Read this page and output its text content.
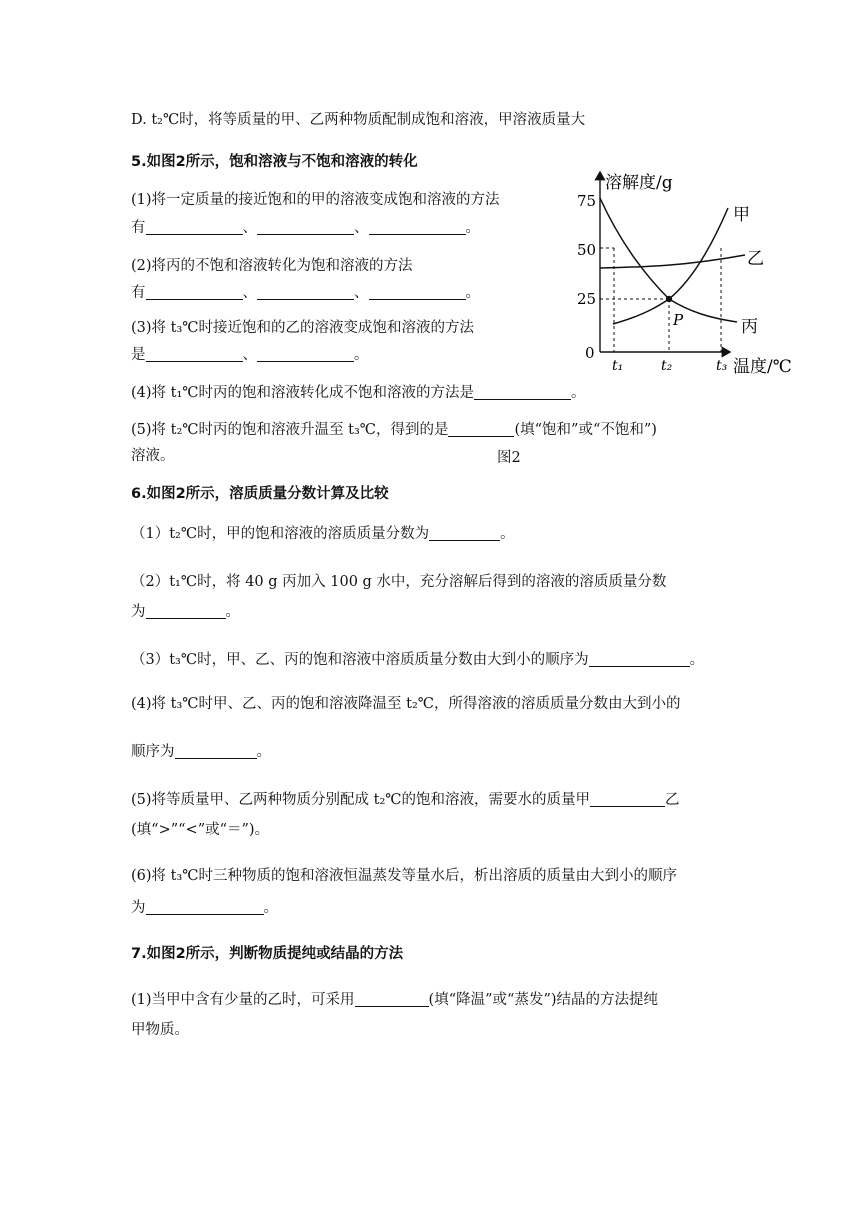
D. t₂℃时，将等质量的甲、乙两种物质配制成饱和溶液，甲溶液质量大
5.如图2所示，饱和溶液与不饱和溶液的转化
(1)将一定质量的接近饱和的甲的溶液变成饱和溶液的方法
有	、	、	。
(2)将丙的不饱和溶液转化为饱和溶液的方法
有	、	、	。
(3)将 t₃℃时接近饱和的乙的溶液变成饱和溶液的方法
是	、	。
(4)将 t₁℃时丙的饱和溶液转化成不饱和溶液的方法是	。
(5)将 t₂℃时丙的饱和溶液升温至 t₃℃，得到的是	(填“饱和”或“不饱和”)
溶液。	图2
溶解度/g
温度/℃
0
25
50
75
t₁	t₂	t₃
P
甲
乙
丙
6.如图2所示，溶质质量分数计算及比较
（1）t₂℃时，甲的饱和溶液的溶质质量分数为	。
（2）t₁℃时，将 40 g 丙加入 100 g 水中，充分溶解后得到的溶液的溶质质量分数
为	。
（3）t₃℃时，甲、乙、丙的饱和溶液中溶质质量分数由大到小的顺序为	。
(4)将 t₃℃时甲、乙、丙的饱和溶液降温至 t₂℃，所得溶液的溶质质量分数由大到小的
顺序为	。
(5)将等质量甲、乙两种物质分别配成 t₂℃的饱和溶液，需要水的质量甲	乙
(填“>”“<”或“＝”)。
(6)将 t₃℃时三种物质的饱和溶液恒温蒸发等量水后，析出溶质的质量由大到小的顺序
为	。
7.如图2所示，判断物质提纯或结晶的方法
(1)当甲中含有少量的乙时，可采用	(填“降温”或“蒸发”)结晶的方法提纯
甲物质。
